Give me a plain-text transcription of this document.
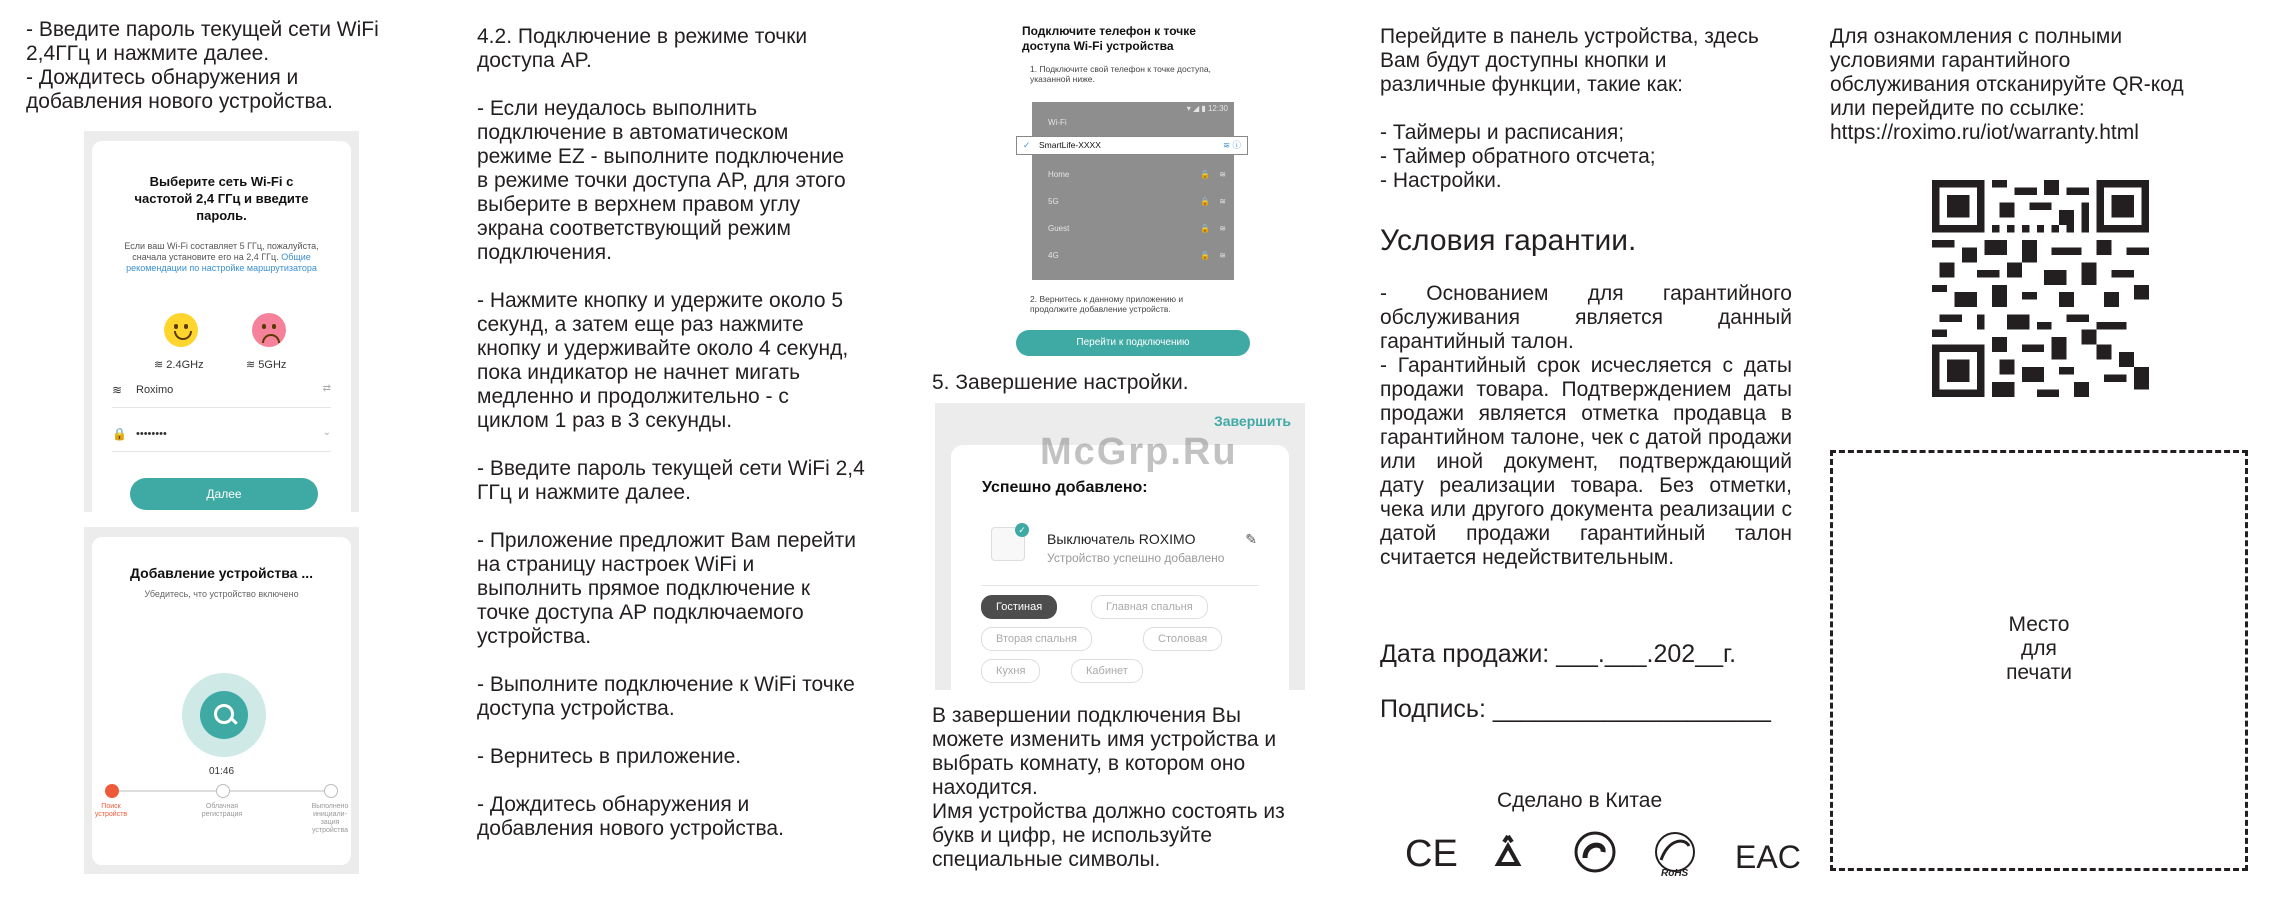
- Введите пароль текущей сети WiFi
2,4ГГц и нажмите далее.
- Дождитесь обнаружения и
добавления нового устройства.
Выберите сеть Wi-Fi с
частотой 2,4 ГГц и введите
пароль.
Если ваш Wi-Fi составляет 5 ГГц, пожалуйста, сначала установите его на 2,4 ГГц. Общие рекомендации по настройке маршрутизатора
≋ 2.4GHz	≋ 5GHz
≋ Roximo	⇄
🔒 ••••••••	⌄
Далее
Добавление устройства ...
Убедитесь, что устройство включено
01:46
Поиск
устройств
Облачная
регистрация
Выполнено
инициали-
зация
устройства
4.2. Подключение в режиме точки
доступа AP.

- Если неудалось выполнить
подключение в автоматическом
режиме EZ - выполните подключение
в режиме точки доступа AP, для этого
выберите в верхнем правом углу
экрана соответствующий режим
подключения.

- Нажмите кнопку и удержите около 5
секунд, а затем еще раз нажмите
кнопку и удерживайте около 4 секунд,
пока индикатор не начнет мигать
медленно и продолжительно - с
циклом 1 раз в 3 секунды.

- Введите пароль текущей сети WiFi 2,4
ГГц и нажмите далее.

- Приложение предложит Вам перейти
на страницу настроек WiFi и
выполнить прямое подключение к
точке доступа AP подключаемого
устройства.

- Выполните подключение к WiFi точке
доступа устройства.

- Вернитесь в приложение.

- Дождитесь обнаружения и
добавления нового устройства.
Подключите телефон к точке
доступа Wi-Fi устройства
1. Подключите свой телефон к точке доступа,
указанной ниже.
▾ ◢ ▮ 12:30
Wi-Fi
Home	🔒 ≋
5G	🔒 ≋
Guest	🔒 ≋
4G	🔒 ≋
✓ SmartLife-XXXX	≋ ⓘ
2. Вернитесь к данному приложению и
продолжите добавление устройств.
Перейти к подключению
5. Завершение настройки.
Завершить
Успешно добавлено:
✓
Выключатель ROXIMO
Устройство успешно добавлено
✎
Гостиная	Главная спальня
Вторая спальня	Столовая
Кухня	Кабинет
McGrp.Ru
В завершении подключения Вы
можете изменить имя устройства и
выбрать комнату, в котором оно
находится.
Имя устройства должно состоять из
букв и цифр, не используйте
специальные символы.
Перейдите в панель устройства, здесь
Вам будут доступны кнопки и
различные функции, такие как:

- Таймеры и расписания;
- Таймер обратного отсчета;
- Настройки.
Условия гарантии.
- Основанием для гарантийного обслуживания является данный гарантийный талон.
- Гарантийный срок исчесляется с даты продажи товара. Подтверждением даты продажи является отметка продавца в гарантийном талоне, чек с датой продажи или иной документ, подтверждающий дату реализации товара. Без отметки, чека или другого документа реализации с датой продажи гарантийный талон считается недействительным.
Дата продажи: ___.___.202__г.
Подпись: ____________________
Сделано в Китае
CE	RoHS EAC
Для ознакомления с полными
условиями гарантийного
обслуживания отсканируйте QR-код
или перейдите по ссылке:
https://roximo.ru/iot/warranty.html
Место
для
печати
